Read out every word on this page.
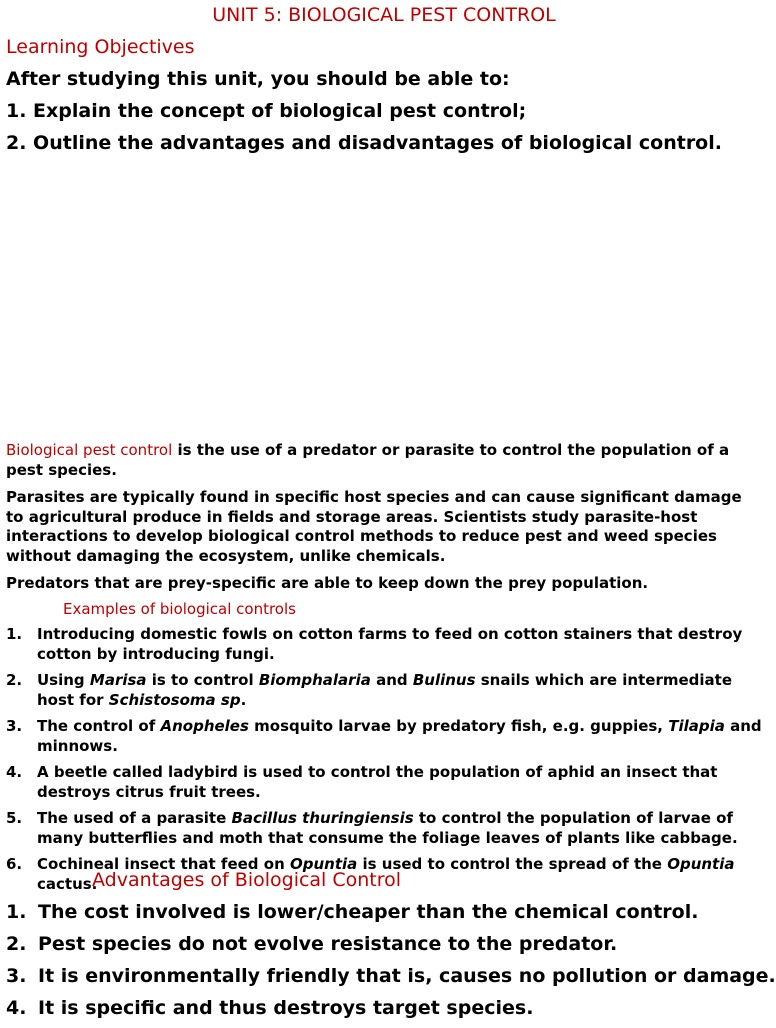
UNIT 5: BIOLOGICAL PEST CONTROL
Learning Objectives
After studying this unit, you should be able to:
1. Explain the concept of biological pest control;
2. Outline the advantages and disadvantages of biological control.
Biological pest control is the use of a predator or parasite to control the population of a pest species.
Parasites are typically found in specific host species and can cause significant damage to agricultural produce in fields and storage areas. Scientists study parasite-host interactions to develop biological control methods to reduce pest and weed species without damaging the ecosystem, unlike chemicals.
Predators that are prey-specific are able to keep down the prey population.
Examples of biological controls
1. Introducing domestic fowls on cotton farms to feed on cotton stainers that destroy cotton by introducing fungi.
2. Using Marisa is to control Biomphalaria and Bulinus snails which are intermediate host for Schistosoma sp.
3. The control of Anopheles mosquito larvae by predatory fish, e.g. guppies, Tilapia and minnows.
4. A beetle called ladybird is used to control the population of aphid an insect that destroys citrus fruit trees.
5. The used of a parasite Bacillus thuringiensis to control the population of larvae of many butterflies and moth that consume the foliage leaves of plants like cabbage.
6. Cochineal insect that feed on Opuntia is used to control the spread of the Opuntia cactus.
Advantages of Biological Control
1. The cost involved is lower/cheaper than the chemical control.
2. Pest species do not evolve resistance to the predator.
3. It is environmentally friendly that is, causes no pollution or damage.
4. It is specific and thus destroys target species.
